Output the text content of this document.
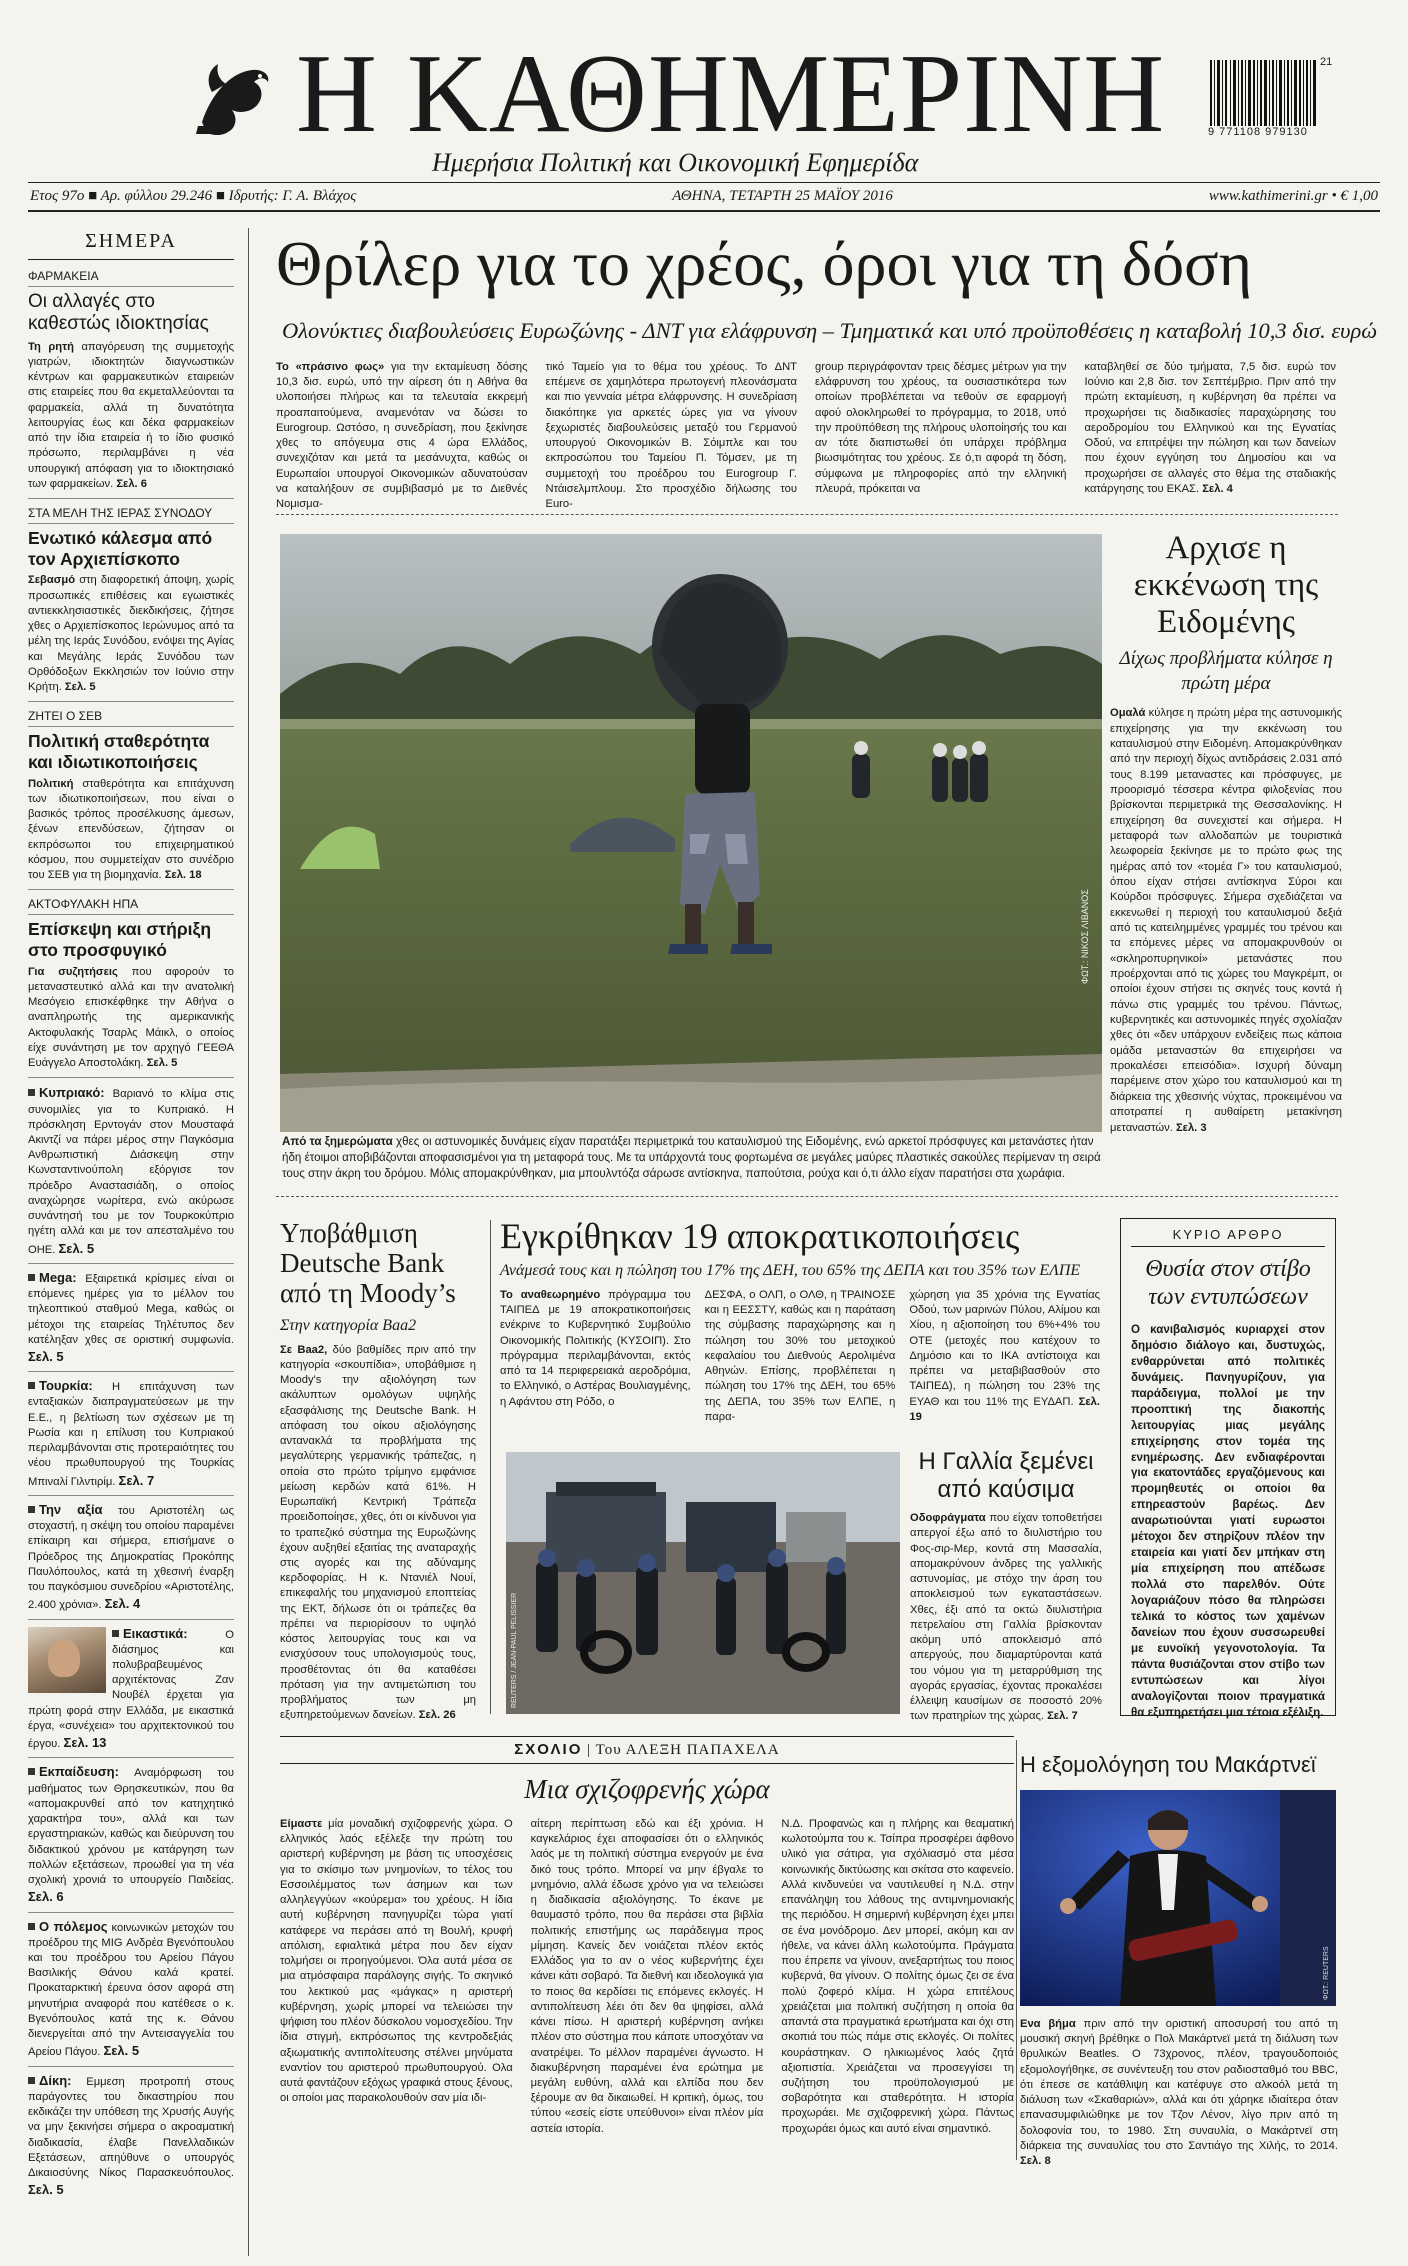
Η ΚΑΘΗΜΕΡΙΝΗ
Ημερήσια Πολιτική και Οικονομική Εφημερίδα
21
9 771108 979130
Ετος 97ο ■ Αρ. φύλλου 29.246 ■ Ιδρυτής: Γ. Α. Βλάχος	ΑΘΗΝΑ, ΤΕΤΑΡΤΗ 25 ΜΑΪΟΥ 2016	www.kathimerini.gr • € 1,00
ΣΗΜΕΡΑ
ΦΑΡΜΑΚΕΙΑ
Οι αλλαγές στο καθεστώς ιδιοκτησίας
Τη ρητή απαγόρευση της συμμετοχής γιατρών, ιδιοκτητών διαγνωστικών κέντρων και φαρμακευτικών εταιρειών στις εταιρείες που θα εκμεταλλεύονται τα φαρμακεία, αλλά τη δυνατότητα λειτουργίας έως και δέκα φαρμακείων από την ίδια εταιρεία ή το ίδιο φυσικό πρόσωπο, περιλαμβάνει η νέα υπουργική απόφαση για το ιδιοκτησιακό των φαρμακείων. Σελ. 6
ΣΤΑ ΜΕΛΗ ΤΗΣ ΙΕΡΑΣ ΣΥΝΟΔΟΥ
Ενωτικό κάλεσμα από τον Αρχιεπίσκοπο
Σεβασμό στη διαφορετική άποψη, χωρίς προσωπικές επιθέσεις και εγωιστικές αντιεκκλησιαστικές διεκδικήσεις, ζήτησε χθες ο Αρχιεπίσκοπος Ιερώνυμος από τα μέλη της Ιεράς Συνόδου, ενόψει της Αγίας και Μεγάλης Ιεράς Συνόδου των Ορθόδοξων Εκκλησιών τον Ιούνιο στην Κρήτη. Σελ. 5
ΖΗΤΕΙ Ο ΣΕΒ
Πολιτική σταθερότητα και ιδιωτικοποιήσεις
Πολιτική σταθερότητα και επιτάχυνση των ιδιωτικοποιήσεων, που είναι ο βασικός τρόπος προσέλκυσης άμεσων, ξένων επενδύσεων, ζήτησαν οι εκπρόσωποι του επιχειρηματικού κόσμου, που συμμετείχαν στο συνέδριο του ΣΕΒ για τη βιομηχανία. Σελ. 18
ΑΚΤΟΦΥΛΑΚΗ ΗΠΑ
Επίσκεψη και στήριξη στο προσφυγικό
Για συζητήσεις που αφορούν το μεταναστευτικό αλλά και την ανατολική Μεσόγειο επισκέφθηκε την Αθήνα ο αναπληρωτής της αμερικανικής Ακτοφυλακής Τσαρλς Μάικλ, ο οποίος είχε συνάντηση με τον αρχηγό ΓΕΕΘΑ Ευάγγελο Αποστολάκη. Σελ. 5
Κυπριακό: Βαριανό το κλίμα στις συνομιλίες για το Κυπριακό. Η πρόσκληση Ερντογάν στον Μουσταφά Ακιντζί να πάρει μέρος στην Παγκόσμια Ανθρωπιστική Διάσκεψη στην Κωνσταντινούπολη εξόργισε τον πρόεδρο Αναστασιάδη, ο οποίος αναχώρησε νωρίτερα, ενώ ακύρωσε συνάντησή του με τον Τουρκοκύπριο ηγέτη αλλά και με τον απεσταλμένο του ΟΗΕ. Σελ. 5
Mega: Εξαιρετικά κρίσιμες είναι οι επόμενες ημέρες για το μέλλον του τηλεοπτικού σταθμού Mega, καθώς οι μέτοχοι της εταιρείας Τηλέτυπος δεν κατέληξαν χθες σε οριστική συμφωνία. Σελ. 5
Τουρκία: Η επιτάχυνση των ενταξιακών διαπραγματεύσεων με την Ε.Ε., η βελτίωση των σχέσεων με τη Ρωσία και η επίλυση του Κυπριακού περιλαμβάνονται στις προτεραιότητες του νέου πρωθυπουργού της Τουρκίας Μπιναλί Γιλντιρίμ. Σελ. 7
Την αξία του Αριστοτέλη ως στοχαστή, η σκέψη του οποίου παραμένει επίκαιρη και σήμερα, επισήμανε ο Πρόεδρος της Δημοκρατίας Προκόπης Παυλόπουλος, κατά τη χθεσινή έναρξη του παγκόσμιου συνεδρίου «Αριστοτέλης, 2.400 χρόνια». Σελ. 4
Εικαστικά:	Ο διάσημος και πολυβραβευμένος αρχιτέκτονας Ζαν Νουβέλ έρχεται για πρώτη φορά στην Ελλάδα, με εικαστικά έργα, «συνέχεια» του αρχιτεκτονικού του έργου. Σελ. 13
Εκπαίδευση: Αναμόρφωση του μαθήματος των Θρησκευτικών, που θα «απομακρυνθεί από τον κατηχητικό χαρακτήρα του», αλλά και των εργαστηριακών, καθώς και διεύρυνση του διδακτικού χρόνου με κατάργηση των πολλών εξετάσεων, προωθεί για τη νέα σχολική χρονιά το υπουργείο Παιδείας. Σελ. 6
Ο πόλεμος κοινωνικών μετοχών του προέδρου της MIG Ανδρέα Βγενόπουλου και του προέδρου του Αρείου Πάγου Βασιλικής Θάνου καλά κρατεί. Προκαταρκτική έρευνα όσον αφορά στη μηνυτήρια αναφορά που κατέθεσε ο κ. Βγενόπουλος κατά της κ. Θάνου διενεργείται από την Αντεισαγγελία του Αρείου Πάγου. Σελ. 5
Δίκη: Εμμεση προτροπή στους παράγοντες του δικαστηρίου που εκδικάζει την υπόθεση της Χρυσής Αυγής να μην ξεκινήσει σήμερα ο ακροαματική διαδικασία, έλαβε Πανελλαδικών Εξετάσεων, απηύθυνε ο υπουργός Δικαιοσύνης Νίκος Παρασκευόπουλος. Σελ. 5
Θρίλερ για το χρέος, όροι για τη δόση
Ολονύκτιες διαβουλεύσεις Ευρωζώνης - ΔΝΤ για ελάφρυνση – Τμηματικά και υπό προϋποθέσεις η καταβολή 10,3 δισ. ευρώ
Το «πράσινο φως» για την εκταμίευση δόσης 10,3 δισ. ευρώ, υπό την αίρεση ότι η Αθήνα θα υλοποιήσει πλήρως και τα τελευταία εκκρεμή προαπαιτούμενα, αναμενόταν να δώσει το Eurogroup. Ωστόσο, η συνεδρίαση, που ξεκίνησε χθες το απόγευμα στις 4 ώρα Ελλάδος, συνεχιζόταν και μετά τα μεσάνυχτα, καθώς οι Ευρωπαίοι υπουργοί Οικονομικών αδυνατούσαν να καταλήξουν σε συμβιβασμό με το Διεθνές Νομισμα-
τικό Ταμείο για το θέμα του χρέους. Το ΔΝΤ επέμενε σε χαμηλότερα πρωτογενή πλεονάσματα και πιο γενναία μέτρα ελάφρυνσης. Η συνεδρίαση διακόπηκε για αρκετές ώρες για να γίνουν ξεχωριστές διαβουλεύσεις μεταξύ του Γερμανού υπουργού Οικονομικών Β. Σόιμπλε και του εκπροσώπου του Ταμείου Π. Τόμσεν, με τη συμμετοχή του προέδρου του Eurogroup Γ. Ντάισελμπλουμ. Στο προσχέδιο δήλωσης του Euro-
group περιγράφονταν τρεις δέσμες μέτρων για την ελάφρυνση του χρέους, τα ουσιαστικότερα των οποίων προβλέπεται να τεθούν σε εφαρμογή αφού ολοκληρωθεί το πρόγραμμα, το 2018, υπό την προϋπόθεση της πλήρους υλοποίησής του και αν τότε διαπιστωθεί ότι υπάρχει πρόβλημα βιωσιμότητας του χρέους. Σε ό,τι αφορά τη δόση, σύμφωνα με πληροφορίες από την ελληνική πλευρά, πρόκειται να
καταβληθεί σε δύο τμήματα, 7,5 δισ. ευρώ τον Ιούνιο και 2,8 δισ. τον Σεπτέμβριο. Πριν από την πρώτη εκταμίευση, η κυβέρνηση θα πρέπει να προχωρήσει τις διαδικασίες παραχώρησης του αεροδρομίου του Ελληνικού και της Εγνατίας Οδού, να επιτρέψει την πώληση και των δανείων που έχουν εγγύηση του Δημοσίου και να προχωρήσει σε αλλαγές στο θέμα της σταδιακής κατάργησης του ΕΚΑΣ. Σελ. 4
ΦΩΤ.: ΝΙΚΟΣ ΛΙΒΑΝΟΣ
Από τα ξημερώματα χθες οι αστυνομικές δυνάμεις είχαν παρατάξει περιμετρικά του καταυλισμού της Ειδομένης, ενώ αρκετοί πρόσφυγες και μετανάστες ήταν ήδη έτοιμοι αποβιβάζονται αποφασισμένοι για τη μεταφορά τους. Με τα υπάρχοντά τους φορτωμένα σε μεγάλες μαύρες πλαστικές σακούλες περίμεναν τη σειρά τους στην άκρη του δρόμου. Μόλις απομακρύνθηκαν, μια μπουλντόζα σάρωσε αντίσκηνα, παπούτσια, ρούχα και ό,τι άλλο είχαν παρατήσει στα χωράφια.
Αρχισε η εκκένωση της Ειδομένης
Δίχως προβλήματα κύλησε η πρώτη μέρα
Ομαλά κύλησε η πρώτη μέρα της αστυνομικής επιχείρησης για την εκκένωση του καταυλισμού στην Ειδομένη. Απομακρύνθηκαν από την περιοχή δίχως αντιδράσεις 2.031 από τους 8.199 μεταναστες και πρόσφυγες, με προορισμό τέσσερα κέντρα φιλοξενίας που βρίσκονται περιμετρικά της Θεσσαλονίκης. Η επιχείρηση θα συνεχιστεί και σήμερα. Η μεταφορά των αλλοδαπών με τουριστικά λεωφορεία ξεκίνησε με το πρώτο φως της ημέρας από τον «τομέα Γ» του καταυλισμού, όπου είχαν στήσει αντίσκηνα Σύροι και Κούρδοι πρόσφυγες. Σήμερα σχεδιάζεται να εκκενωθεί η περιοχή του καταυλισμού δεξιά από τις κατειλημμένες γραμμές του τρένου και τα επόμενες μέρες να απομακρυνθούν οι «σκληροπυρηνικοί» μετανάστες που προέρχονται από τις χώρες του Μαγκρέμπ, οι οποίοι έχουν στήσει τις σκηνές τους κοντά ή πάνω στις γραμμές του τρένου. Πάντως, κυβερνητικές και αστυνομικές πηγές σχολίαζαν χθες ότι «δεν υπάρχουν ενδείξεις πως κάποια ομάδα μεταναστών θα επιχειρήσει να προκαλέσει επεισόδια». Ισχυρή δύναμη παρέμεινε στον χώρο του καταυλισμού και τη διάρκεια της χθεσινής νύχτας, προκειμένου να αποτραπεί η αυθαίρετη μετακίνηση μεταναστών. Σελ. 3
Υποβάθμιση Deutsche Bank από τη Moody’s
Στην κατηγορία Baa2
Σε Baa2, δύο βαθμίδες πριν από την κατηγορία «σκουπίδια», υποβάθμισε η Moody's την αξιολόγηση των ακάλυπτων ομολόγων υψηλής εξασφάλισης της Deutsche Bank. Η απόφαση του οίκου αξιολόγησης αντανακλά τα προβλήματα της μεγαλύτερης γερμανικής τράπεζας, η οποία στο πρώτο τρίμηνο εμφάνισε μείωση κερδών κατά 61%. Η Ευρωπαϊκή Κεντρική Τράπεζα προειδοποίησε, χθες, ότι οι κίνδυνοι για το τραπεζικό σύστημα της Ευρωζώνης έχουν αυξηθεί εξαιτίας της αναταραχής στις αγορές και της αδύναμης κερδοφορίας. Η κ. Ντανιέλ Νουί, επικεφαλής του μηχανισμού εποπτείας της ΕΚΤ, δήλωσε ότι οι τράπεζες θα πρέπει να περιορίσουν το υψηλό κόστος λειτουργίας τους και να ενισχύσουν τους υπολογισμούς τους, προσθέτοντας ότι θα καταθέσει πρόταση για την αντιμετώπιση του προβλήματος των μη εξυπηρετούμενων δανείων. Σελ. 26
Εγκρίθηκαν 19 αποκρατικοποιήσεις
Ανάμεσά τους και η πώληση του 17% της ΔΕΗ, του 65% της ΔΕΠΑ και του 35% των ΕΛΠΕ
Το αναθεωρημένο πρόγραμμα του ΤΑΙΠΕΔ με 19 αποκρατικοποιήσεις ενέκρινε το Κυβερνητικό Συμβούλιο Οικονομικής Πολιτικής (ΚΥΣΟΙΠ). Στο πρόγραμμα περιλαμβάνονται, εκτός από τα 14 περιφερειακά αεροδρόμια, το Ελληνικό, ο Αστέρας Βουλιαγμένης, η Αφάντου στη Ρόδο, ο
ΔΕΣΦΑ, ο ΟΛΠ, ο ΟΛΘ, η ΤΡΑΙΝΟΣΕ και η ΕΕΣΣΤΥ, καθώς και η παράταση της σύμβασης παραχώρησης και η πώληση του 30% του μετοχικού κεφαλαίου του Διεθνούς Αερολιμένα Αθηνών. Επίσης, προβλέπεται η πώληση του 17% της ΔΕΗ, του 65% της ΔΕΠΑ, του 35% των ΕΛΠΕ, η παρα-
χώρηση για 35 χρόνια της Εγνατίας Οδού, των μαρινών Πύλου, Αλίμου και Χίου, η αξιοποίηση του 6%+4% του ΟΤΕ (μετοχές που κατέχουν το Δημόσιο και το ΙΚΑ αντίστοιχα και πρέπει να μεταβιβασθούν στο ΤΑΙΠΕΔ), η πώληση του 23% της ΕΥΑΘ και του 11% της ΕΥΔΑΠ. Σελ. 19
REUTERS / JEAN-PAUL PELISSIER
Η Γαλλία ξεμένει από καύσιμα
Οδοφράγματα που είχαν τοποθετήσει απεργοί έξω από το διυλιστήριο του Φος-σιρ-Μερ, κοντά στη Μασσαλία, απομακρύνουν άνδρες της γαλλικής αστυνομίας, με στόχο την άρση του αποκλεισμού των εγκαταστάσεων. Χθες, έξι από τα οκτώ διυλιστήρια πετρελαίου στη Γαλλία βρίσκονταν ακόμη υπό αποκλεισμό από απεργούς, που διαμαρτύρονται κατά του νόμου για τη μεταρρύθμιση της αγοράς εργασίας, έχοντας προκαλέσει έλλειψη καυσίμων σε ποσοστό 20% των πρατηρίων της χώρας. Σελ. 7
ΚΥΡΙΟ ΑΡΘΡΟ
Θυσία στον στίβο των εντυπώσεων
Ο κανιβαλισμός κυριαρχεί στον δημόσιο διάλογο και, δυστυχώς, ενθαρρύνεται από πολιτικές δυνάμεις. Πανηγυρίζουν, για παράδειγμα, πολλοί με την προοπτική της διακοπής λειτουργίας μιας μεγάλης επιχείρησης στον τομέα της ενημέρωσης. Δεν ενδιαφέρονται για εκατοντάδες εργαζόμενους και προμηθευτές οι οποίοι θα επηρεαστούν βαρέως. Δεν αναρωτιούνται γιατί ευρωστοι μέτοχοι δεν στηρίζουν πλέον την εταιρεία και γιατί δεν μπήκαν στη μία επιχείρηση που απέδωσε πολλά στο παρελθόν. Ούτε λογαριάζουν πόσο θα πληρώσει τελικά το κόστος των χαμένων δανείων που έχουν συσσωρευθεί με ευνοϊκή γεγονοτολογία. Τα πάντα θυσιάζονται στον στίβο των εντυπώσεων και λίγοι αναλογίζονται ποιον πραγματικά θα εξυπηρετήσει μια τέτοια εξέλιξη.
ΣΧΟΛΙΟ | Του ΑΛΕΞΗ ΠΑΠΑΧΕΛΑ
Μια σχιζοφρενής χώρα
Είμαστε μία μοναδική σχιζοφρενής χώρα. Ο ελληνικός λαός εξέλεξε την πρώτη του αριστερή κυβέρνηση με βάση τις υποσχέσεις για το σκίσιμο των μνημονίων, το τέλος του Εσσοιλέμματος των άσημων και των αλληλεγγύων «κούρεμα» του χρέους. Η ίδια αυτή κυβέρνηση πανηγυρίζει τώρα γιατί κατάφερε να περάσει από τη Βουλή, κρυφή απόλιση, εφιαλτικά μέτρα που δεν είχαν τολμήσει οι προηγούμενοι. Όλα αυτά μέσα σε μια ατμόσφαιρα παράλογης σιγής. Το σκηνικό του λεκτικού μας «μάγκας» η αριστερή κυβέρνηση, χωρίς μπορεί να τελειώσει την ψήφιση του πλέον δύσκολου νομοσχεδίου. Την ίδια στιγμή, εκπρόσωπος της κεντροδεξιάς αξιωματικής αντιπολίτευσης στέλνει μηνύματα εναντίον του αριστερού πρωθυπουργού. Ολα αυτά φαντάζουν εξόχως γραφικά στους ξένους, οι οποίοι μας παρακολουθούν σαν μία ιδι-
αίτερη περίπτωση εδώ και έξι χρόνια. Η καγκελάριος έχει αποφασίσει ότι ο ελληνικός λαός με τη πολιτική σύστημα ενεργούν με ένα δικό τους τρόπο. Μπορεί να μην έβγαλε το μνημόνιο, αλλά έδωσε χρόνο για να τελειώσει η διαδικασία αξιολόγησης. Το έκανε με θαυμαστό τρόπο, που θα περάσει στα βιβλία πολιτικής επιστήμης ως παράδειγμα προς μίμηση. Κανείς δεν νοιάζεται πλέον εκτός Ελλάδος για το αν ο νέος κυβερνήτης έχει κάνει κάτι σοβαρό. Τα διεθνή και ιδεολογικά για το ποιος θα κερδίσει τις επόμενες εκλογές. Η αντιπολίτευση λέει ότι δεν θα ψηφίσει, αλλά κάνει πίσω. Η αριστερή κυβέρνηση ανήκει πλέον στο σύστημα που κάποτε υποσχόταν να ανατρέψει. Το μέλλον παραμένει άγνωστο. Η διακυβέρνηση παραμένει ένα ερώτημα με μεγάλη ευθύνη, αλλά και ελπίδα που δεν ξέρουμε αν θα δικαιωθεί. Η κριτική, όμως, του τύπου «εσείς είστε υπεύθυνοι» είναι πλέον μία αστεία ιστορία.
Ν.Δ. Προφανώς και η πλήρης και θεαματική κωλοτούμπα του κ. Τσίπρα προσφέρει άφθονο υλικό για σάτιρα, για σχόλιασμό στα μέσα κοινωνικής δικτύωσης και σκίτσα στο καφενείο. Αλλά κινδυνεύει να ναυτιλευθεί η Ν.Δ. στην επανάληψη του λάθους της αντιμνημονιακής της περιόδου. Η σημερινή κυβέρνηση έχει μπει σε ένα μονόδρομο. Δεν μπορεί, ακόμη και αν ήθελε, να κάνει άλλη κωλοτούμπα. Πράγματα που έπρεπε να γίνουν, ανεξαρτήτως του ποιος κυβερνά, θα γίνουν. Ο πολίτης όμως ζει σε ένα πολύ ζοφερό κλίμα. Η χώρα επιτέλους χρειάζεται μια πολιτική συζήτηση η οποία θα απαντά στα πραγματικά ερωτήματα και όχι στη σκοπιά του πώς πάμε στις εκλογές. Οι πολίτες κουράστηκαν. Ο ηλικιωμένος λαός ζητά αξιοπιστία. Χρειάζεται να προσεγγίσει τη συζήτηση του προϋπολογισμού με σοβαρότητα και σταθερότητα. Η ιστορία προχωράει. Με σχιζοφρενική χώρα. Πάντως προχωράει όμως και αυτό είναι σημαντικό.
Η εξομολόγηση του Μακάρτνεϊ
ΦΩΤ.: REUTERS
Ενα βήμα πριν από την οριστική αποσυρσή του από τη μουσική σκηνή βρέθηκε ο Πολ Μακάρτνεϊ μετά τη διάλυση των θρυλικών Beatles. Ο 73χρονος, πλέον, τραγουδοποιός εξομολογήθηκε, σε συνέντευξη του στον ραδιοσταθμό του BBC, ότι έπεσε σε κατάθλιψη και κατέφυγε στο αλκοόλ μετά τη διάλυση των «Σκαθαριών», αλλά και ότι χάρηκε ιδιαίτερα όταν επανασυμφιλιώθηκε με τον Τζον Λένον, λίγο πριν από τη δολοφονία του, το 1980. Στη συναυλία, ο Μακάρτνεϊ στη διάρκεια της συναυλίας του στο Σαντιάγο της Χιλής, το 2014. Σελ. 8
